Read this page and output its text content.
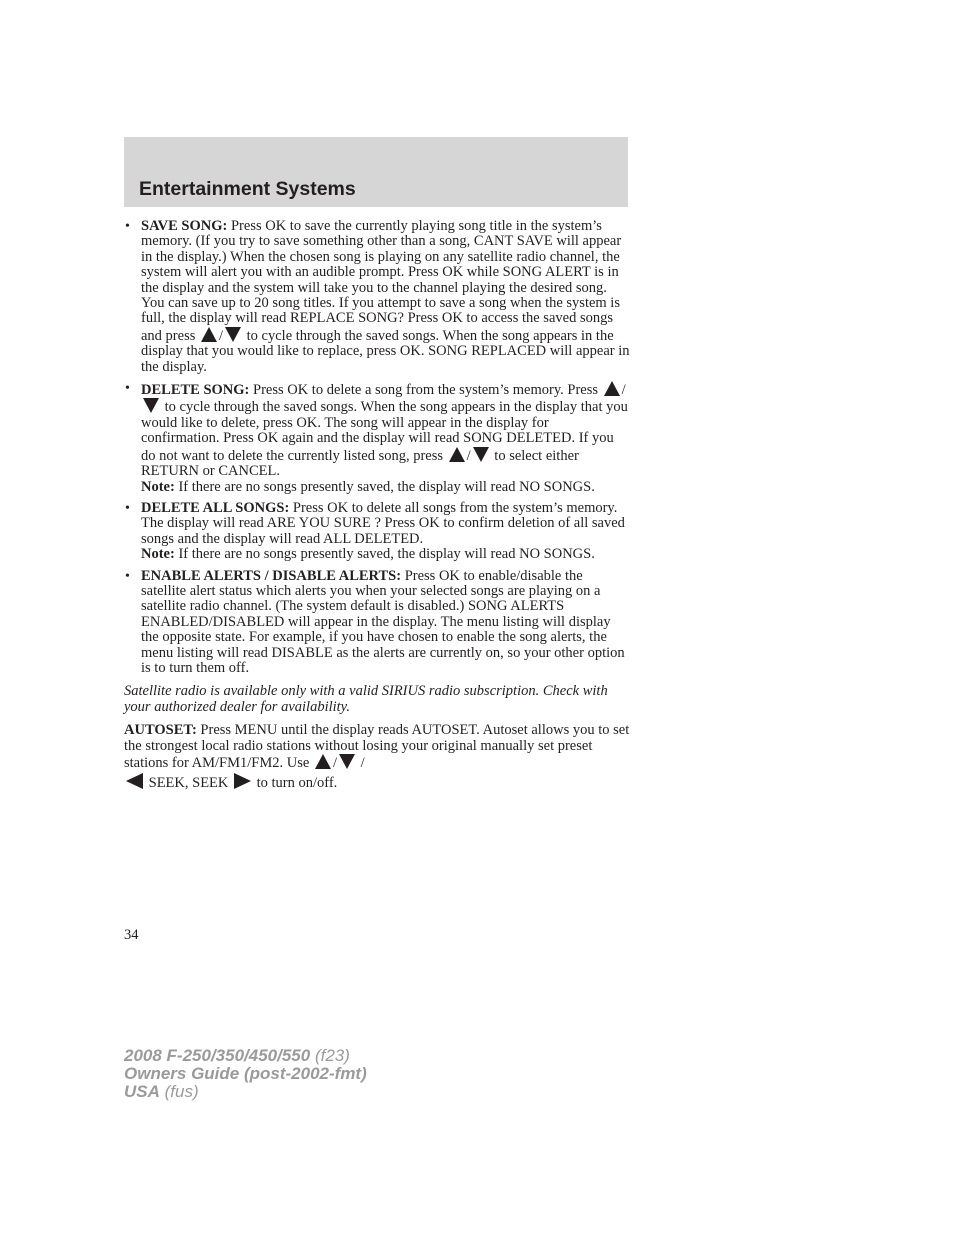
Entertainment Systems
• SAVE SONG: Press OK to save the currently playing song title in the system’s memory. (If you try to save something other than a song, CANT SAVE will appear in the display.) When the chosen song is playing on any satellite radio channel, the system will alert you with an audible prompt. Press OK while SONG ALERT is in the display and the system will take you to the channel playing the desired song. You can save up to 20 song titles. If you attempt to save a song when the system is full, the display will read REPLACE SONG? Press OK to access the saved songs and press / to cycle through the saved songs. When the song appears in the display that you would like to replace, press OK. SONG REPLACED will appear in the display.
• DELETE SONG: Press OK to delete a song from the system’s memory. Press / to cycle through the saved songs. When the song appears in the display that you would like to delete, press OK. The song will appear in the display for confirmation. Press OK again and the display will read SONG DELETED. If you do not want to delete the currently listed song, press / to select either RETURN or CANCEL.
Note: If there are no songs presently saved, the display will read NO SONGS.
• DELETE ALL SONGS: Press OK to delete all songs from the system’s memory. The display will read ARE YOU SURE ? Press OK to confirm deletion of all saved songs and the display will read ALL DELETED.
Note: If there are no songs presently saved, the display will read NO SONGS.
• ENABLE ALERTS / DISABLE ALERTS: Press OK to enable/disable the satellite alert status which alerts you when your selected songs are playing on a satellite radio channel. (The system default is disabled.) SONG ALERTS ENABLED/DISABLED will appear in the display. The menu listing will display the opposite state. For example, if you have chosen to enable the song alerts, the menu listing will read DISABLE as the alerts are currently on, so your other option is to turn them off.

Satellite radio is available only with a valid SIRIUS radio subscription. Check with your authorized dealer for availability.

AUTOSET: Press MENU until the display reads AUTOSET. Autoset allows you to set the strongest local radio stations without losing your original manually set preset stations for AM/FM1/FM2. Use / /
SEEK, SEEK  to turn on/off.

34
2008 F-250/350/450/550 (f23)
Owners Guide (post-2002-fmt)
USA (fus)
